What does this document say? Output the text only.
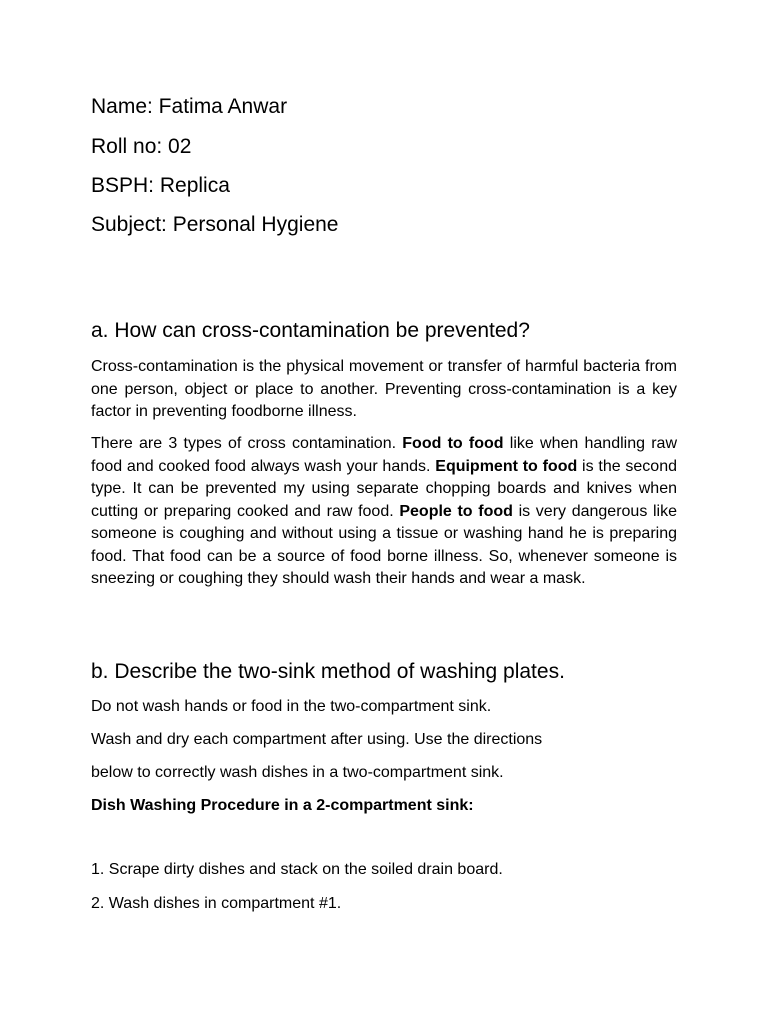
Name: Fatima Anwar
Roll no: 02
BSPH: Replica
Subject: Personal Hygiene
a. How can cross-contamination be prevented?
Cross-contamination is the physical movement or transfer of harmful bacteria from one person, object or place to another. Preventing cross-contamination is a key factor in preventing foodborne illness.
There are 3 types of cross contamination. Food to food like when handling raw food and cooked food always wash your hands. Equipment to food is the second type. It can be prevented my using separate chopping boards and knives when cutting or preparing cooked and raw food. People to food is very dangerous like someone is coughing and without using a tissue or washing hand he is preparing food. That food can be a source of food borne illness. So, whenever someone is sneezing or coughing they should wash their hands and wear a mask.
b. Describe the two-sink method of washing plates.
Do not wash hands or food in the two-compartment sink.
Wash and dry each compartment after using. Use the directions
below to correctly wash dishes in a two-compartment sink.
Dish Washing Procedure in a 2-compartment sink:
1. Scrape dirty dishes and stack on the soiled drain board.
2. Wash dishes in compartment #1.
